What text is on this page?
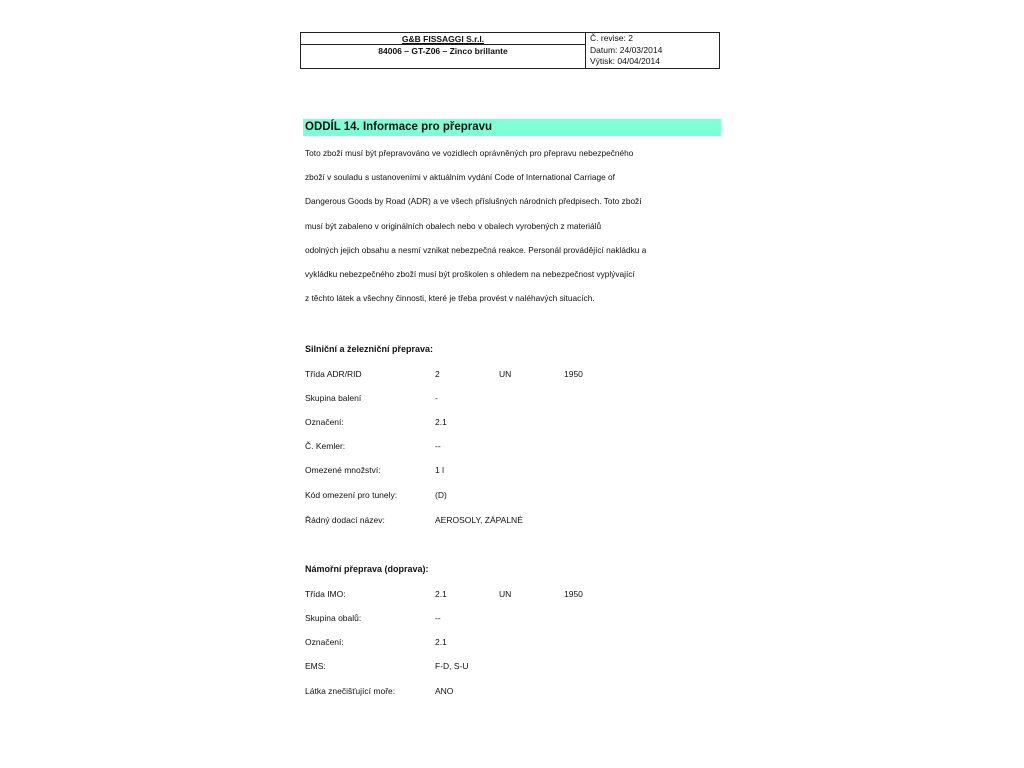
G&B FISSAGGI S.r.l.
84006 – GT-Z06 – Zinco brillante
Č. revise: 2
Datum: 24/03/2014
Výtisk: 04/04/2014
ODDÍL 14. Informace pro přepravu
Toto zboží musí být přepravováno ve vozidlech oprávněných pro přepravu nebezpečného
zboží v souladu s ustanoveními v aktuálním vydání Code of International Carriage of
Dangerous Goods by Road (ADR) a ve všech příslušných národních předpisech. Toto zboží
musí být zabaleno v originálních obalech nebo v obalech vyrobených z materiálů
odolných jejich obsahu a nesmí vznikat nebezpečná reakce. Personál provádějící nakládku a
vykládku nebezpečného zboží musí být proškolen s ohledem na nebezpečnost vyplývající
z těchto látek a všechny činnosti, které je třeba provést v naléhavých situacích.
Silniční a železniční přeprava:
Třída ADR/RID	2	UN	1950
Skupina balení	-
Označení:	2.1
Č. Kemler:	--
Omezené množství:	1 l
Kód omezení pro tunely:	(D)
Řádný dodací název:	AEROSOLY, ZÁPALNÉ
Námořní přeprava (doprava):
Třída IMO:	2.1	UN	1950
Skupina obalů:	--
Označení:	2.1
EMS:	F-D, S-U
Látka znečišťující moře:	ANO
